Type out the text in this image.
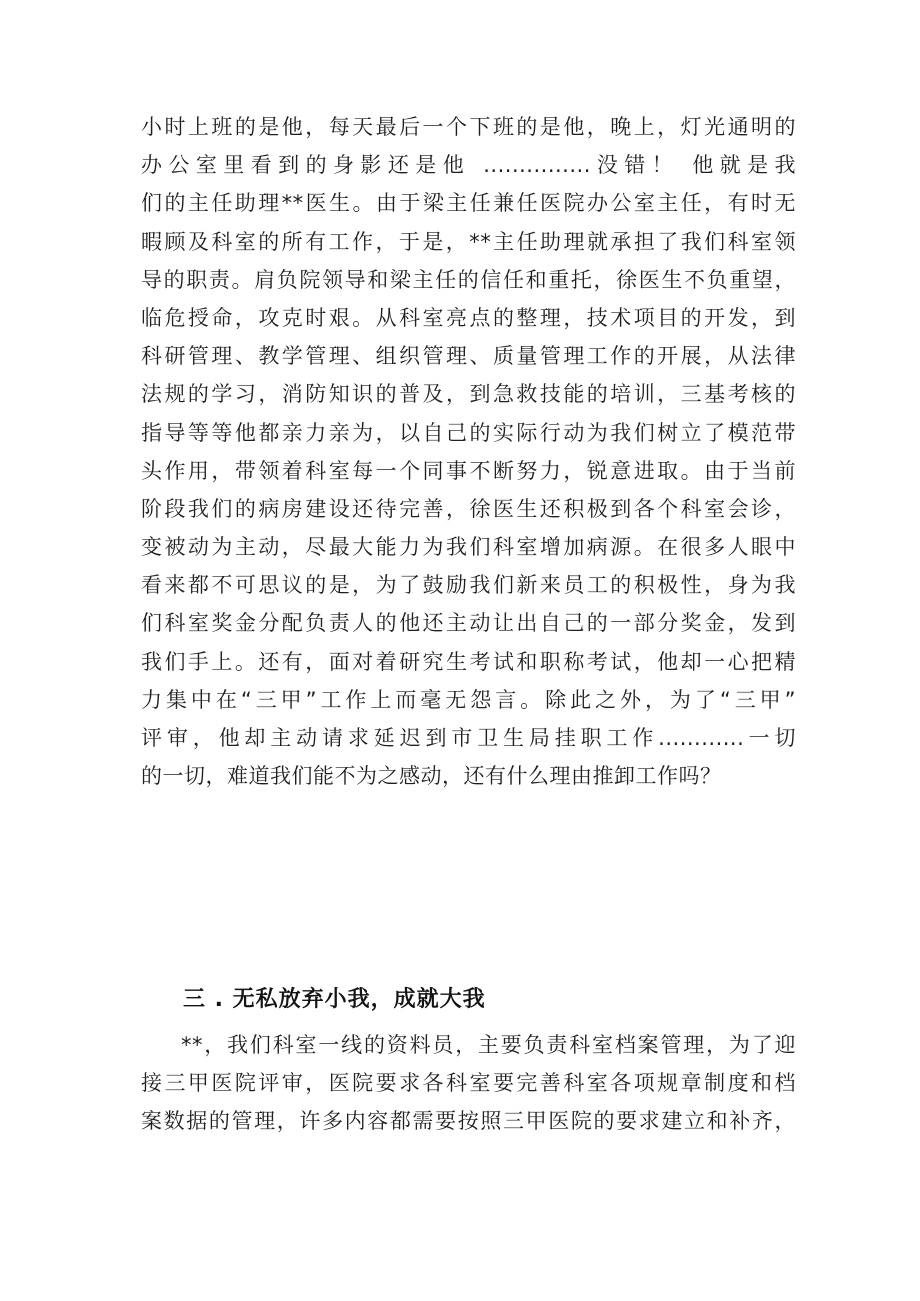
小时上班的是他，每天最后一个下班的是他，晚上，灯光通明的
办公室里看到的身影还是他 ...............没错！ 他就是我
们的主任助理**医生。由于梁主任兼任医院办公室主任，有时无
暇顾及科室的所有工作，于是，**主任助理就承担了我们科室领
导的职责。肩负院领导和梁主任的信任和重托，徐医生不负重望，
临危授命，攻克时艰。从科室亮点的整理，技术项目的开发，到
科研管理、教学管理、组织管理、质量管理工作的开展，从法律
法规的学习，消防知识的普及，到急救技能的培训，三基考核的
指导等等他都亲力亲为，以自己的实际行动为我们树立了模范带
头作用，带领着科室每一个同事不断努力，锐意进取。由于当前
阶段我们的病房建设还待完善，徐医生还积极到各个科室会诊，
变被动为主动，尽最大能力为我们科室增加病源。在很多人眼中
看来都不可思议的是，为了鼓励我们新来员工的积极性，身为我
们科室奖金分配负责人的他还主动让出自己的一部分奖金，发到
我们手上。还有，面对着研究生考试和职称考试，他却一心把精
力集中在“三甲”工作上而毫无怨言。除此之外，为了“三甲”
评审，他却主动请求延迟到市卫生局挂职工作............一切
的一切，难道我们能不为之感动，还有什么理由推卸工作吗？
三 . 无私放弃小我，成就大我
**，我们科室一线的资料员，主要负责科室档案管理，为了迎
接三甲医院评审，医院要求各科室要完善科室各项规章制度和档
案数据的管理，许多内容都需要按照三甲医院的要求建立和补齐，
